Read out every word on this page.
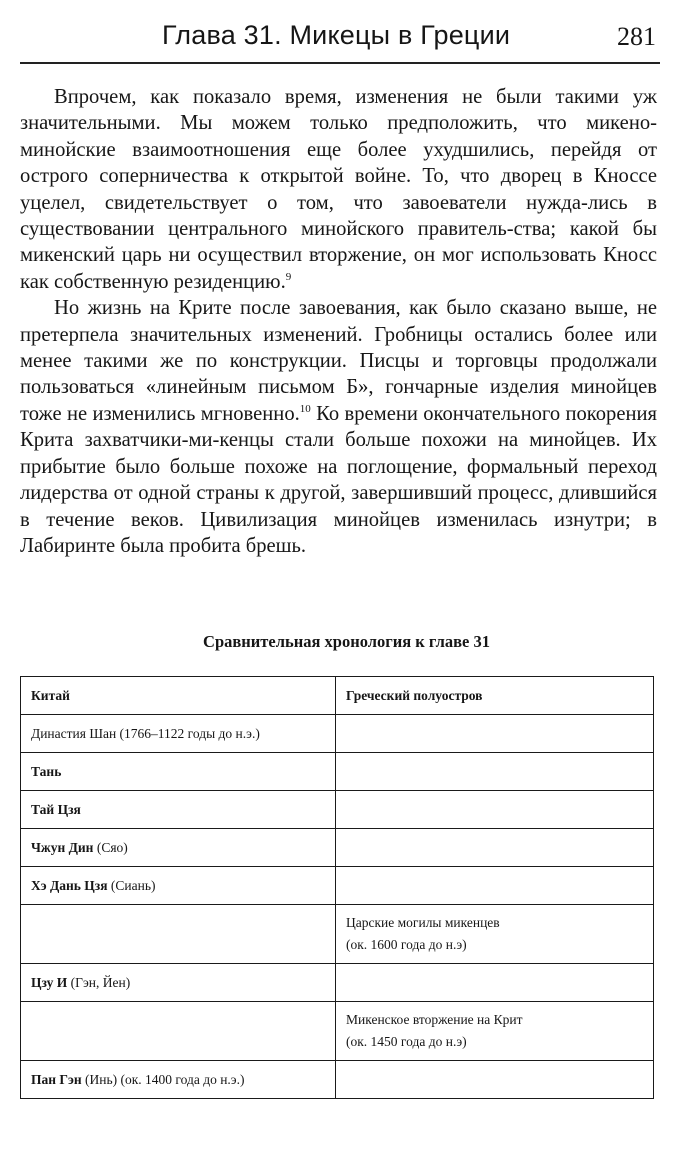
Глава 31. Микецы в Греции	281

Впрочем, как показало время, изменения не были такими уж значительными. Мы можем только предположить, что микено-минойские взаимоотношения еще более ухудшились, перейдя от острого соперничества к открытой войне. То, что дворец в Кноссе уцелел, свидетельствует о том, что завоеватели нужда-лись в существовании центрального минойского правитель-ства; какой бы микенский царь ни осуществил вторжение, он мог использовать Кносс как собственную резиденцию.$^9$

Но жизнь на Крите после завоевания, как было сказано выше, не претерпела значительных изменений. Гробницы остались более или менее такими же по конструкции. Писцы и торговцы продолжали пользоваться «линейным письмом Б», гончарные изделия минойцев тоже не изменились мгновенно.$^{10}$ Ко времени окончательного покорения Крита захватчики-ми-кенцы стали больше похожи на минойцев. Их прибытие было больше похоже на поглощение, формальный переход лидерства от одной страны к другой, завершивший процесс, длившийся в течение веков. Цивилизация минойцев изменилась изнутри; в Лабиринте была пробита брешь.

Сравнительная хронология к главе 31
Китай	Греческий полуостров
Династия Шан (1766–1122 годы до н.э.)	
Тань	
Тай Цзя	
Чжун Дин (Сяо)	
Хэ Дань Цзя (Сиань)	

	Царские могилы микенцев
(ок. 1600 года до н.э)

Цзу И (Гэн, Йен)	

	Микенское вторжение на Крит
(ок. 1450 года до н.э)

Пан Гэн (Инь) (ок. 1400 года до н.э.)	
